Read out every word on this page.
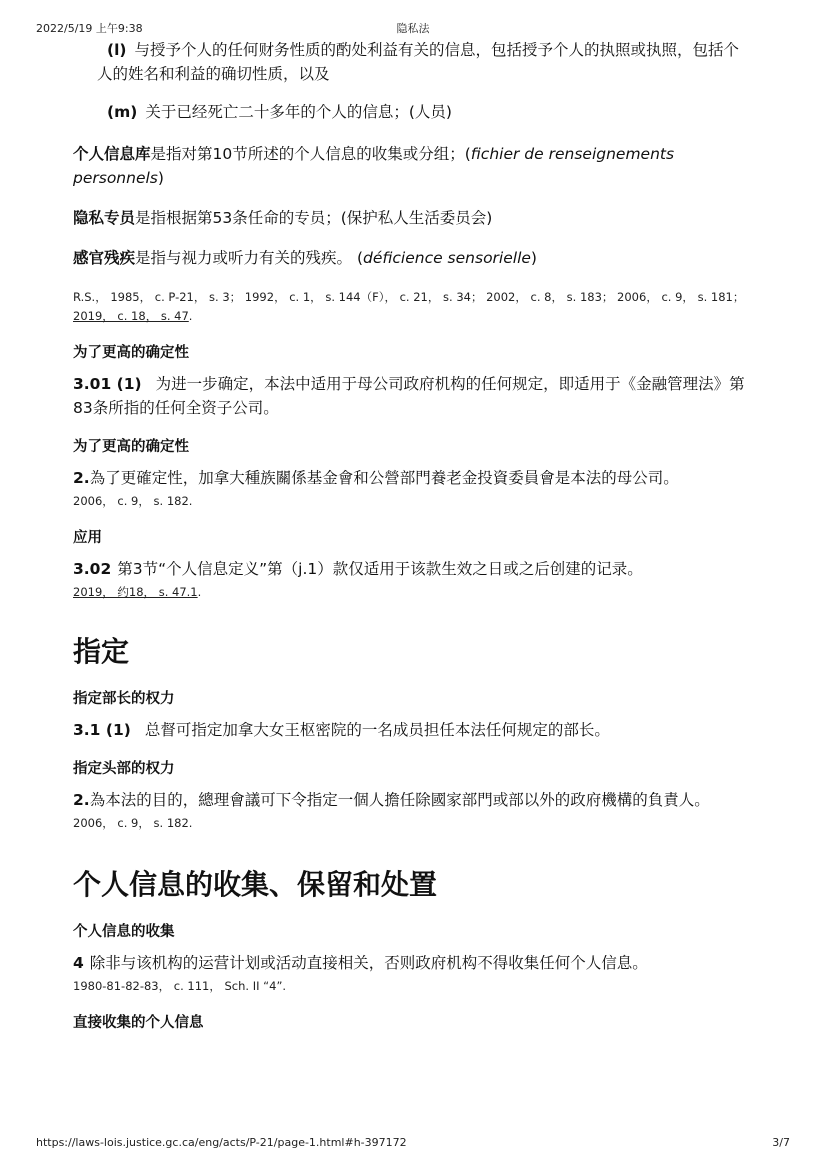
2022/5/19 上午9:38	隐私法
(l) 与授予个人的任何财务性质的酌处利益有关的信息，包括授予个人的执照或执照，包括个人的姓名和利益的确切性质，以及
(m) 关于已经死亡二十多年的个人的信息；(人员)
个人信息库是指对第10节所述的个人信息的收集或分组；(fichier de renseignements personnels)
隐私专员是指根据第53条任命的专员；(保护私人生活委员会)
感官残疾是指与视力或听力有关的残疾。 (déficience sensorielle)
R.S.， 1985， c. P-21， s. 3； 1992， c. 1， s. 144（F）， c. 21， s. 34； 2002， c. 8， s. 183； 2006， c. 9， s. 181； 2019， c. 18， s. 47.
为了更高的确定性
3.01 (1) 为进一步确定，本法中适用于母公司政府机构的任何规定，即适用于《金融管理法》第83条所指的任何全资子公司。
为了更高的确定性
2.為了更確定性，加拿大種族關係基金會和公營部門養老金投資委員會是本法的母公司。
2006， c. 9， s. 182.
应用
3.02 第3节“个人信息定义”第（j.1）款仅适用于该款生效之日或之后创建的记录。
2019， 约18， s. 47.1.
指定
指定部长的权力
3.1 (1) 总督可指定加拿大女王枢密院的一名成员担任本法任何规定的部长。
指定头部的权力
2.為本法的目的，總理會議可下令指定一個人擔任除國家部門或部以外的政府機構的負責人。
2006， c. 9， s. 182.
个人信息的收集、保留和处置
个人信息的收集
4 除非与该机构的运营计划或活动直接相关，否则政府机构不得收集任何个人信息。
1980-81-82-83， c. 111， Sch. II “4”.
直接收集的个人信息
https://laws-lois.justice.gc.ca/eng/acts/P-21/page-1.html#h-397172	3/7
